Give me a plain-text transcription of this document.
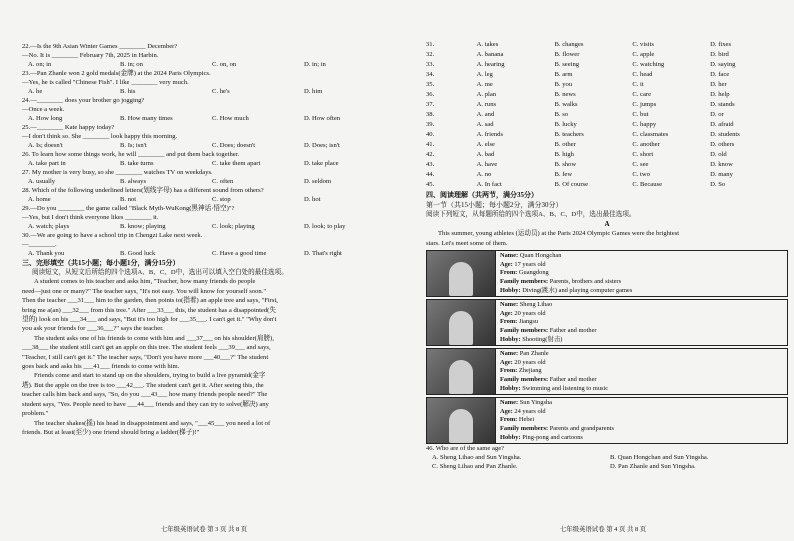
22.—Is the 9th Asian Winter Games ________ December?
—No. It is ________ February 7th, 2025 in Harbin.
A. on; in	B. in; on	C. on, on	D. in; in
23.—Pan Zhanle won 2 gold medals(金牌) at the 2024 Paris Olympics.
—Yes, he is called "Chinese Fish". I like ________ very much.
A. he	B. his	C. he's	D. him
24.—________ does your brother go jogging?
—Once a week.
A. How long	B. How many times	C. How much	D. How often
25.—________ Kate happy today?
—I don't think so. She ________ look happy this morning.
A. Is; doesn't	B. Is; isn't	C. Does; doesn't	D. Does; isn't
26. To learn how some things work, he will ________ and put them back together.
A. take part in	B. take turns	C. take them apart	D. take place
27. My mother is very busy, so she ________ watches TV on weekdays.
A. usually	B. always	C. often	D. seldom
28. Which of the following underlined letters(划线字母) has a different sound from others?
A. home	B. not	C. stop	D. hot
29.—Do you ________ the game called "Black Myth-WuKong(黑神话·悟空)"?
—Yes, but I don't think everyone likes ________ it.
A. watch; plays	B. know; playing	C. look; playing	D. look; to play
30.—We are going to have a school trip in Chengzi Lake next week.
—________.
A. Thank you	B. Good luck	C. Have a good time	D. That's right
三、完形填空（共15小题；每小题1分，满分15分）
阅读短文，从短文后所给的四个选项A、B、C、D中，选出可以填入空白处的最佳选项。
A student comes to his teacher and asks him, "Teacher, how many friends do people
need—just one or many?" The teacher says, "It's not easy. You will know for yourself soon."
Then the teacher ___31___ him to the garden, then points to(指着) an apple tree and says, "First,
bring me a(an) ___32___ from this tree." After ___33___ this, the student has a disappointed(失
望的) look on his ___34___ and says, "But it's too high for ___35___. I can't get it." "Why don't
you ask your friends for ___36___?" says the teacher.
The student asks one of his friends to come with him and ___37___ on his shoulder(肩膀),
___38___ the student still can't get an apple on this tree. The student feels ___39___ and says,
"Teacher, I still can't get it." The teacher says, "Don't you have more ___40___?" The student
goes back and asks his ___41___ friends to come with him.
Friends come and start to stand up on the shoulders, trying to build a live pyramid(金字
塔). But the apple on the tree is too ___42___. The student can't get it. After seeing this, the
teacher calls him back and says, "So, do you ___43___ how many friends people need?" The
student says, "Yes. People need to have ___44___ friends and they can try to solve(解决) any
problem."
The teacher shakes(摇) his head in disappointment and says, "___45___ you need a lot of
friends. But at least(至少) one friend should bring a ladder(梯子)!"
七年级英语试卷 第 3 页 共 8 页
31.	A. takes	B. changes	C. visits	D. fixes
32.	A. banana	B. flower	C. apple	D. bird
33.	A. hearing	B. seeing	C. watching	D. saying
34.	A. leg	B. arm	C. head	D. face
35.	A. me	B. you	C. it	D. her
36.	A. plan	B. news	C. care	D. help
37.	A. runs	B. walks	C. jumps	D. stands
38.	A. and	B. so	C. but	D. or
39.	A. sad	B. lucky	C. happy	D. afraid
40.	A. friends	B. teachers	C. classmates	D. students
41.	A. else	B. other	C. another	D. others
42.	A. bad	B. high	C. short	D. old
43.	A. have	B. show	C. see	D. know
44.	A. no	B. few	C. two	D. many
45.	A. In fact	B. Of course	C. Because	D. So
四、阅读理解（共两节，满分35分）
第一节（共15小题；每小题2分，满分30分）
阅读下列短文，从每题所给的四个选项A、B、C、D中，选出最佳选项。
A
This summer, young athletes (运动员) at the Paris 2024 Olympic Games were the brightest
stars. Let's meet some of them.
Name: Quan Hongchan
Age: 17 years old
From: Guangdong
Family members: Parents, brothers and sisters
Hobby: Diving(跳水) and playing computer games
Name: Sheng Lihao
Age: 20 years old
From: Jiangsu
Family members: Father and mother
Hobby: Shooting(射击)
Name: Pan Zhanle
Age: 20 years old
From: Zhejiang
Family members: Father and mother
Hobby: Swimming and listening to music
Name: Sun Yingsha
Age: 24 years old
From: Hebei
Family members: Parents and grandparents
Hobby: Ping-pong and cartoons
46. Who are of the same age?
A. Sheng Lihao and Sun Yingsha.	B. Quan Hongchan and Sun Yingsha.
C. Sheng Lihao and Pan Zhanle.	D. Pan Zhanle and Sun Yingsha.
七年级英语试卷 第 4 页 共 8 页
